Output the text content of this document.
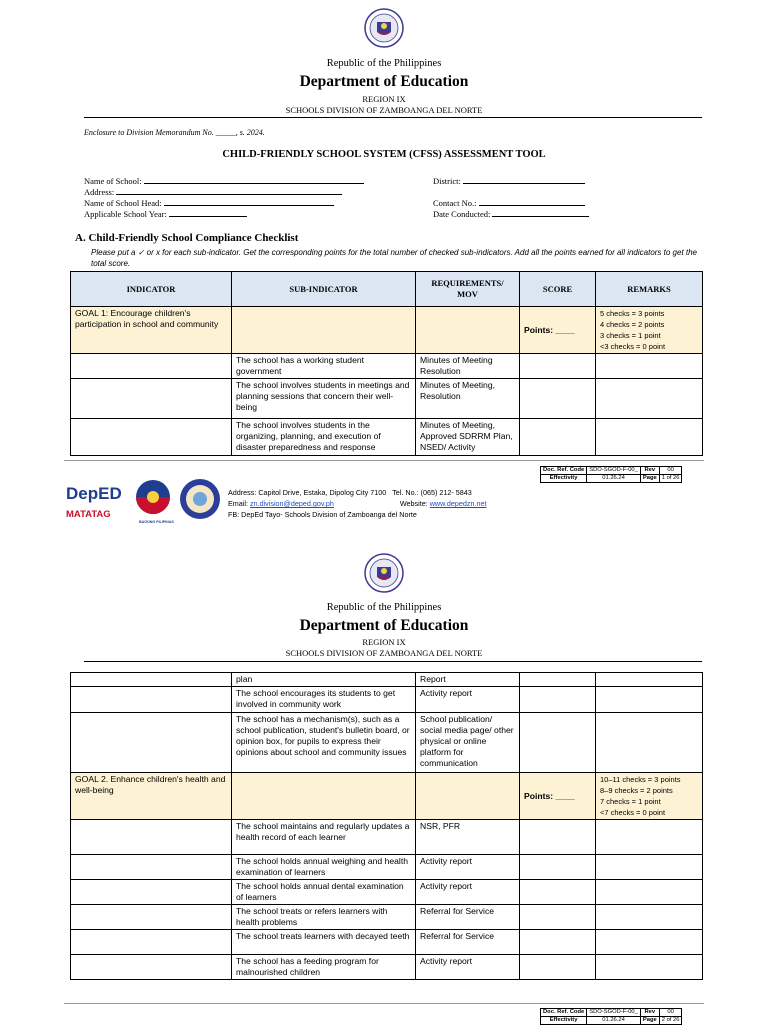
Republic of the Philippines
Department of Education
REGION IX
SCHOOLS DIVISION OF ZAMBOANGA DEL NORTE
Enclosure to Division Memorandum No. _____, s. 2024.
CHILD-FRIENDLY SCHOOL SYSTEM (CFSS) ASSESSMENT TOOL
Name of School:
Address:
Name of School Head:
Applicable School Year:
District:
Contact No.:
Date Conducted:
A. Child-Friendly School Compliance Checklist
Please put a ✓ or x for each sub-indicator. Get the corresponding points for the total number of checked sub-indicators. Add all the points earned for all indicators to get the total score.
INDICATOR	SUB-INDICATOR	REQUIREMENTS/ MOV	SCORE	REMARKS
GOAL 1: Encourage children's participation in school and community			Points: ____	5 checks = 3 points
4 checks = 2 points
3 checks = 1 point
<3 checks = 0 point

	The school has a working student government	Minutes of Meeting Resolution		
	The school involves students in meetings and planning sessions that concern their well-being	Minutes of Meeting, Resolution		
	The school involves students in the organizing, planning, and execution of disaster preparedness and response	Minutes of Meeting, Approved SDRRM Plan, NSED/ Activity		
Doc. Ref. Code	SDO-SGOD-F-00_	Rev	00
Effectivity	01.26.24	Page	1 of 26
DepED
MATATAG
BAGONG PILIPINAS
Address: Capitol Drive, Estaka, Dipolog City 7100 Tel. No.: (065) 212- 5843
Email: zn.division@deped.gov.ph	Website: www.depedzn.net
FB: DepEd Tayo- Schools Division of Zamboanga del Norte
Republic of the Philippines
Department of Education
REGION IX
SCHOOLS DIVISION OF ZAMBOANGA DEL NORTE
	plan	Report		
	The school encourages its students to get involved in community work	Activity report		
	The school has a mechanism(s), such as a school publication, student's bulletin board, or opinion box, for pupils to express their opinions about school and community issues	School publication/ social media page/ other physical or online platform for communication		
GOAL 2. Enhance children's health and well-being			Points: ____	10–11 checks = 3 points
8–9 checks = 2 points
7 checks = 1 point
<7 checks = 0 point

	The school maintains and regularly updates a health record of each learner	NSR, PFR		
	The school holds annual weighing and health examination of learners	Activity report		
	The school holds annual dental examination of learners	Activity report		
	The school treats or refers learners with health problems	Referral for Service		
	The school treats learners with decayed teeth	Referral for Service		
	The school has a feeding program for malnourished children	Activity report		
Doc. Ref. Code	SDO-SGOD-F-00_	Rev	00
Effectivity	01.26.24	Page	2 of 26
